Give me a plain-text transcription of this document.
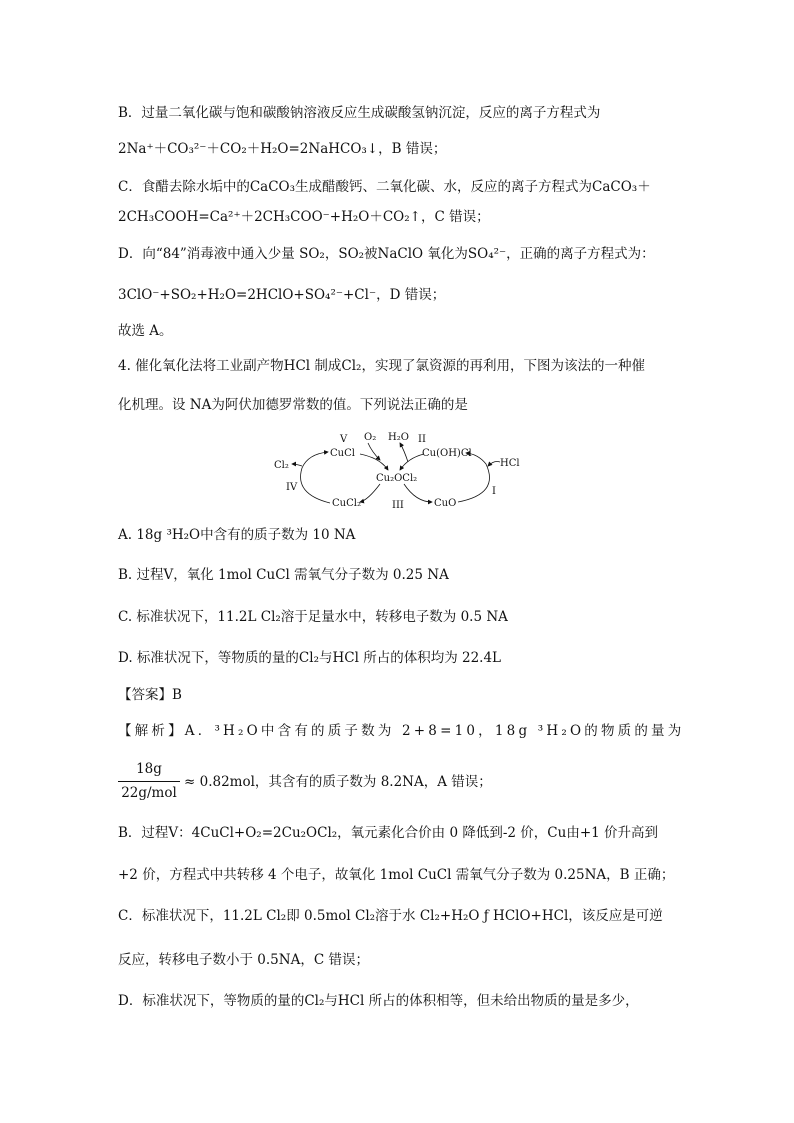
B．过量二氧化碳与饱和碳酸钠溶液反应生成碳酸氢钠沉淀，反应的离子方程式为
2Na⁺＋CO₃²⁻＋CO₂＋H₂O=2NaHCO₃↓，B 错误；
C．食醋去除水垢中的CaCO₃生成醋酸钙、二氧化碳、水，反应的离子方程式为CaCO₃＋
2CH₃COOH=Ca²⁺＋2CH₃COO⁻+H₂O＋CO₂↑，C 错误；
D．向“84”消毒液中通入少量 SO₂，SO₂被NaClO 氧化为SO₄²⁻，正确的离子方程式为：
3ClO⁻+SO₂+H₂O=2HClO+SO₄²⁻+Cl⁻，D 错误；
故选 A。
4. 催化氧化法将工业副产物HCl 制成Cl₂，实现了氯资源的再利用，下图为该法的一种催
化机理。设 NA为阿伏加德罗常数的值。下列说法正确的是
CuCl
Cu₂OCl₂
Cu(OH)Cl
CuCl₂	CuO
O₂ H₂O
HCl
Cl₂
I
II
III
IV
V
A. 18g ³H₂O中含有的质子数为 10 NA
B. 过程Ⅴ，氧化 1mol CuCl 需氧气分子数为 0.25 NA
C. 标准状况下，11.2L Cl₂溶于足量水中，转移电子数为 0.5 NA
D. 标准状况下，等物质的量的Cl₂与HCl 所占的体积均为 22.4L
【答案】B
【解析】A．³H₂O中含有的质子数为 2+8=10，18g ³H₂O的物质的量为
18g
22g/mol
≈ 0.82mol，其含有的质子数为 8.2NA，A 错误；
B．过程Ⅴ：4CuCl+O₂=2Cu₂OCl₂，氧元素化合价由 0 降低到-2 价，Cu由+1 价升高到
+2 价，方程式中共转移 4 个电子，故氧化 1mol CuCl 需氧气分子数为 0.25NA，B 正确；
C．标准状况下，11.2L Cl₂即 0.5mol Cl₂溶于水 Cl₂+H₂O ƒ HClO+HCl，该反应是可逆
反应，转移电子数小于 0.5NA，C 错误；
D．标准状况下，等物质的量的Cl₂与HCl 所占的体积相等，但未给出物质的量是多少，
